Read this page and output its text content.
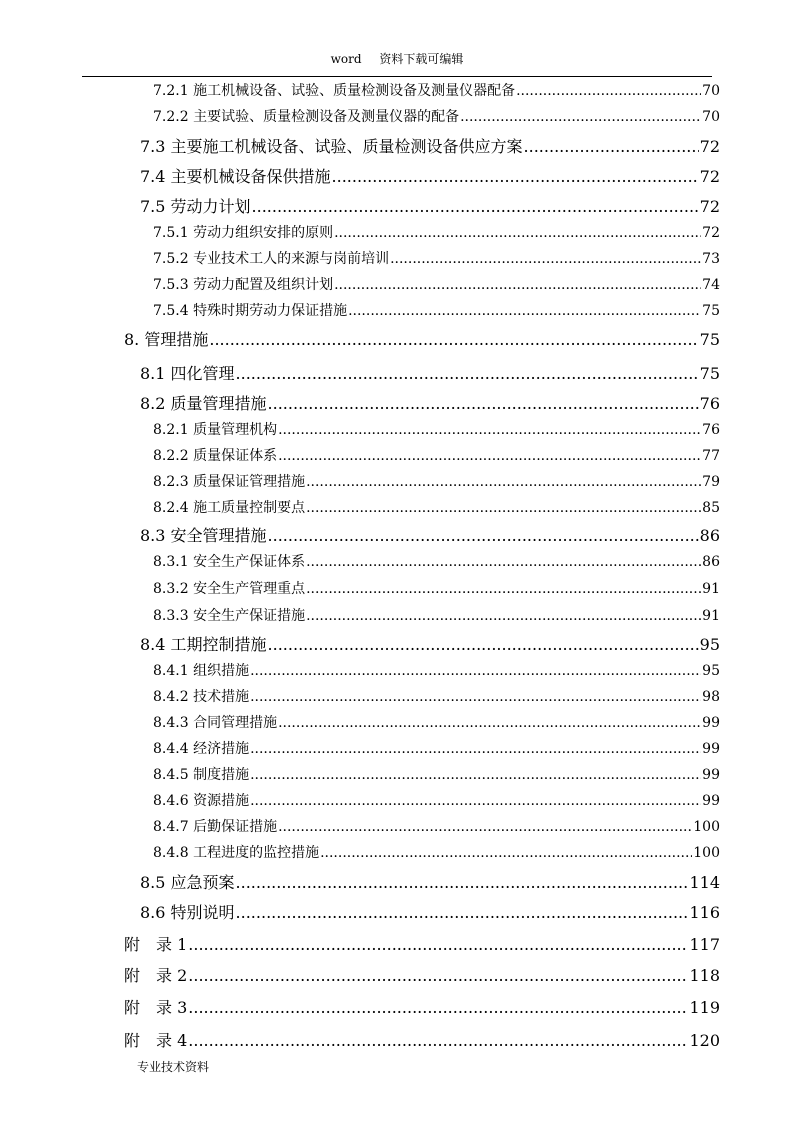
word 资料下载可编辑
7.2.1 施工机械设备、试验、质量检测设备及测量仪器配备 .....	70
7.2.2 主要试验、质量检测设备及测量仪器的配备 .....	70
7.3 主要施工机械设备、试验、质量检测设备供应方案 .....	72
7.4 主要机械设备保供措施 .....	72
7.5 劳动力计划 .....	72
7.5.1 劳动力组织安排的原则 .....	72
7.5.2 专业技术工人的来源与岗前培训 .....	73
7.5.3 劳动力配置及组织计划 .....	74
7.5.4 特殊时期劳动力保证措施 .....	75
8. 管理措施 .....	75
8.1 四化管理 .....	75
8.2 质量管理措施 .....	76
8.2.1 质量管理机构 .....	76
8.2.2 质量保证体系 .....	77
8.2.3 质量保证管理措施 .....	79
8.2.4 施工质量控制要点 .....	85
8.3 安全管理措施 .....	86
8.3.1 安全生产保证体系 .....	86
8.3.2 安全生产管理重点 .....	91
8.3.3 安全生产保证措施 .....	91
8.4 工期控制措施 .....	95
8.4.1 组织措施 .....	95
8.4.2 技术措施 .....	98
8.4.3 合同管理措施 .....	99
8.4.4 经济措施 .....	99
8.4.5 制度措施 .....	99
8.4.6 资源措施 .....	99
8.4.7 后勤保证措施 .....	100
8.4.8 工程进度的监控措施 .....	100
8.5 应急预案 .....	114
8.6 特别说明 .....	116
附　录 1 .....	117
附　录 2 .....	118
附　录 3 .....	119
附　录 4 .....	120
专业技术资料
